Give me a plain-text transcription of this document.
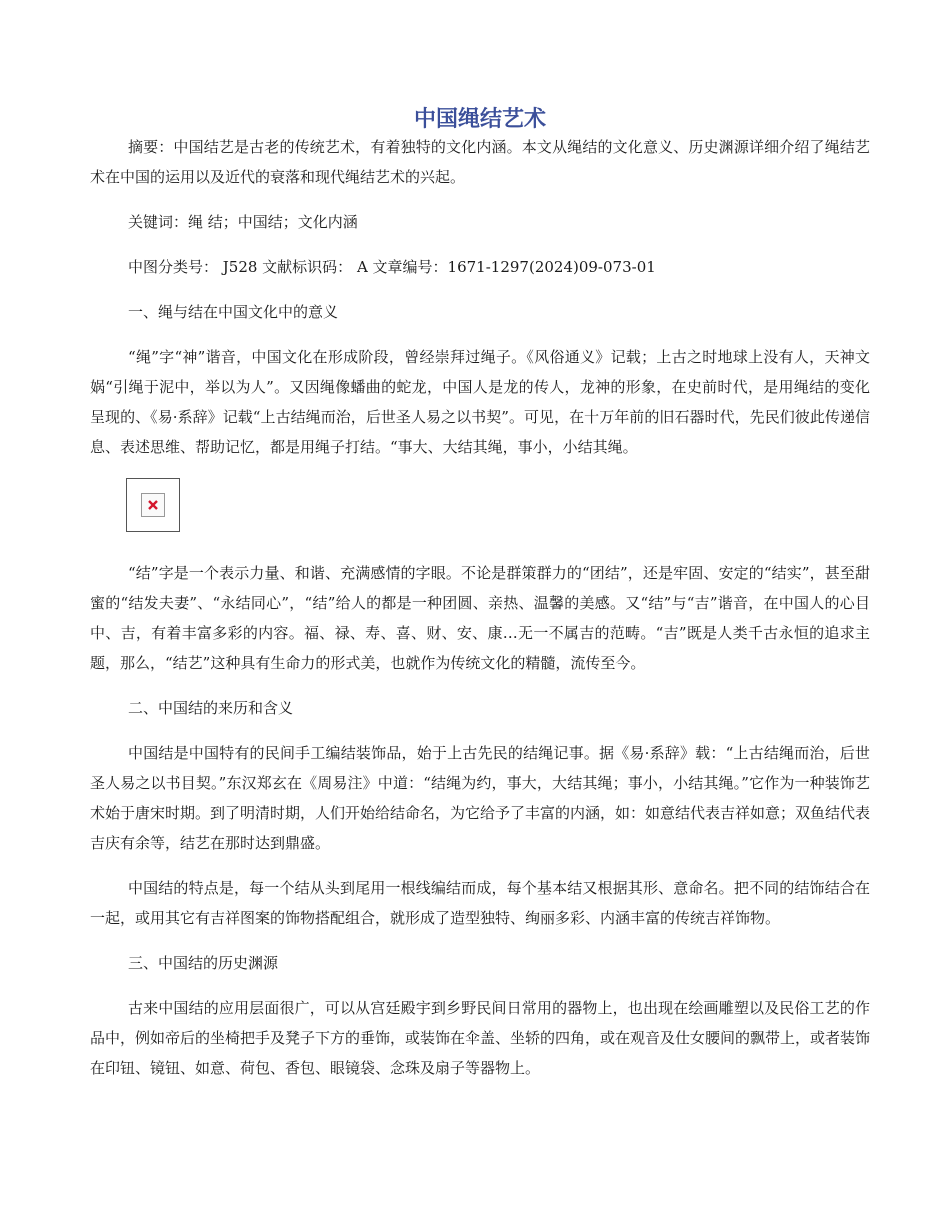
中国绳结艺术

摘要：中国结艺是古老的传统艺术，有着独特的文化内涵。本文从绳结的文化意义、历史渊源详细介绍了绳结艺术在中国的运用以及近代的衰落和现代绳结艺术的兴起。

关键词：绳 结；中国结；文化内涵

中图分类号： J528 文献标识码： A 文章编号：1671-1297(2024)09-073-01

一、绳与结在中国文化中的意义

“绳”字“神”谐音，中国文化在形成阶段，曾经崇拜过绳子。《风俗通义》记载；上古之时地球上没有人，天神文娲“引绳于泥中，举以为人”。又因绳像蟠曲的蛇龙，中国人是龙的传人，龙神的形象，在史前时代，是用绳结的变化呈现的、《易·系辞》记载“上古结绳而治，后世圣人易之以书契”。可见，在十万年前的旧石器时代，先民们彼此传递信息、表述思维、帮助记忆，都是用绳子打结。“事大、大结其绳，事小，小结其绳。

“结”字是一个表示力量、和谐、充满感情的字眼。不论是群策群力的“团结”，还是牢固、安定的“结实”，甚至甜蜜的“结发夫妻”、“永结同心”，“结”给人的都是一种团圆、亲热、温馨的美感。又“结”与“吉”谐音，在中国人的心目中、吉，有着丰富多彩的内容。福、禄、寿、喜、财、安、康…无一不属吉的范畴。“吉”既是人类千古永恒的追求主题，那么，“结艺”这种具有生命力的形式美，也就作为传统文化的精髓，流传至今。

二、中国结的来历和含义

中国结是中国特有的民间手工编结装饰品，始于上古先民的结绳记事。据《易·系辞》载：“上古结绳而治，后世圣人易之以书目契。”东汉郑玄在《周易注》中道：“结绳为约，事大，大结其绳；事小，小结其绳。”它作为一种装饰艺术始于唐宋时期。到了明清时期，人们开始给结命名，为它给予了丰富的内涵，如：如意结代表吉祥如意；双鱼结代表吉庆有余等，结艺在那时达到鼎盛。

中国结的特点是，每一个结从头到尾用一根线编结而成，每个基本结又根据其形、意命名。把不同的结饰结合在一起，或用其它有吉祥图案的饰物搭配组合，就形成了造型独特、绚丽多彩、内涵丰富的传统吉祥饰物。

三、中国结的历史渊源

古来中国结的应用层面很广，可以从宫廷殿宇到乡野民间日常用的器物上，也出现在绘画雕塑以及民俗工艺的作品中，例如帝后的坐椅把手及凳子下方的垂饰，或装饰在伞盖、坐轿的四角，或在观音及仕女腰间的飘带上，或者装饰在印钮、镜钮、如意、荷包、香包、眼镜袋、念珠及扇子等器物上。
